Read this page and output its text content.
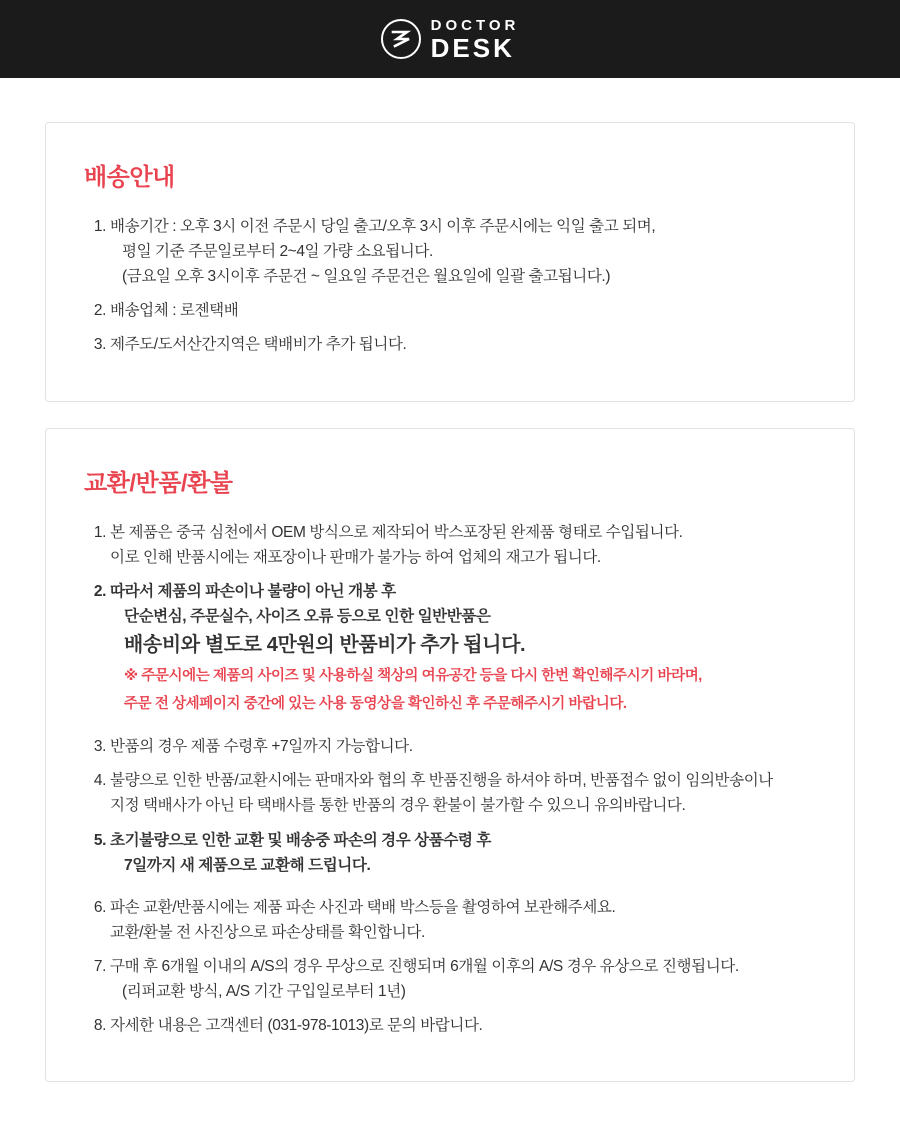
DOCTOR
DESK
배송안내
배송기간 : 오후 3시 이전 주문시 당일 출고/오후 3시 이후 주문시에는 익일 출고 되며,
평일 기준 주문일로부터 2~4일 가량 소요됩니다.
(금요일 오후 3시이후 주문건 ~ 일요일 주문건은 월요일에 일괄 출고됩니다.)
배송업체 : 로젠택배
제주도/도서산간지역은 택배비가 추가 됩니다.
교환/반품/환불
본 제품은 중국 심천에서 OEM 방식으로 제작되어 박스포장된 완제품 형태로 수입됩니다.
이로 인해 반품시에는 재포장이나 판매가 불가능 하여 업체의 재고가 됩니다.
따라서 제품의 파손이나 불량이 아닌 개봉 후
단순변심, 주문실수, 사이즈 오류 등으로 인한 일반반품은
배송비와 별도로 4만원의 반품비가 추가 됩니다.
※ 주문시에는 제품의 사이즈 및 사용하실 책상의 여유공간 등을 다시 한번 확인해주시기 바라며,
주문 전 상세페이지 중간에 있는 사용 동영상을 확인하신 후 주문해주시기 바랍니다.
반품의 경우 제품 수령후 +7일까지 가능합니다.
불량으로 인한 반품/교환시에는 판매자와 협의 후 반품진행을 하셔야 하며, 반품접수 없이 임의반송이나
지정 택배사가 아닌 타 택배사를 통한 반품의 경우 환불이 불가할 수 있으니 유의바랍니다.
초기불량으로 인한 교환 및 배송중 파손의 경우 상품수령 후
7일까지 새 제품으로 교환해 드립니다.
파손 교환/반품시에는 제품 파손 사진과 택배 박스등을 촬영하여 보관해주세요.
교환/환불 전 사진상으로 파손상태를 확인합니다.
구매 후 6개월 이내의 A/S의 경우 무상으로 진행되며 6개월 이후의 A/S 경우 유상으로 진행됩니다.
(리퍼교환 방식, A/S 기간 구입일로부터 1년)
자세한 내용은 고객센터 (031-978-1013)로 문의 바랍니다.
